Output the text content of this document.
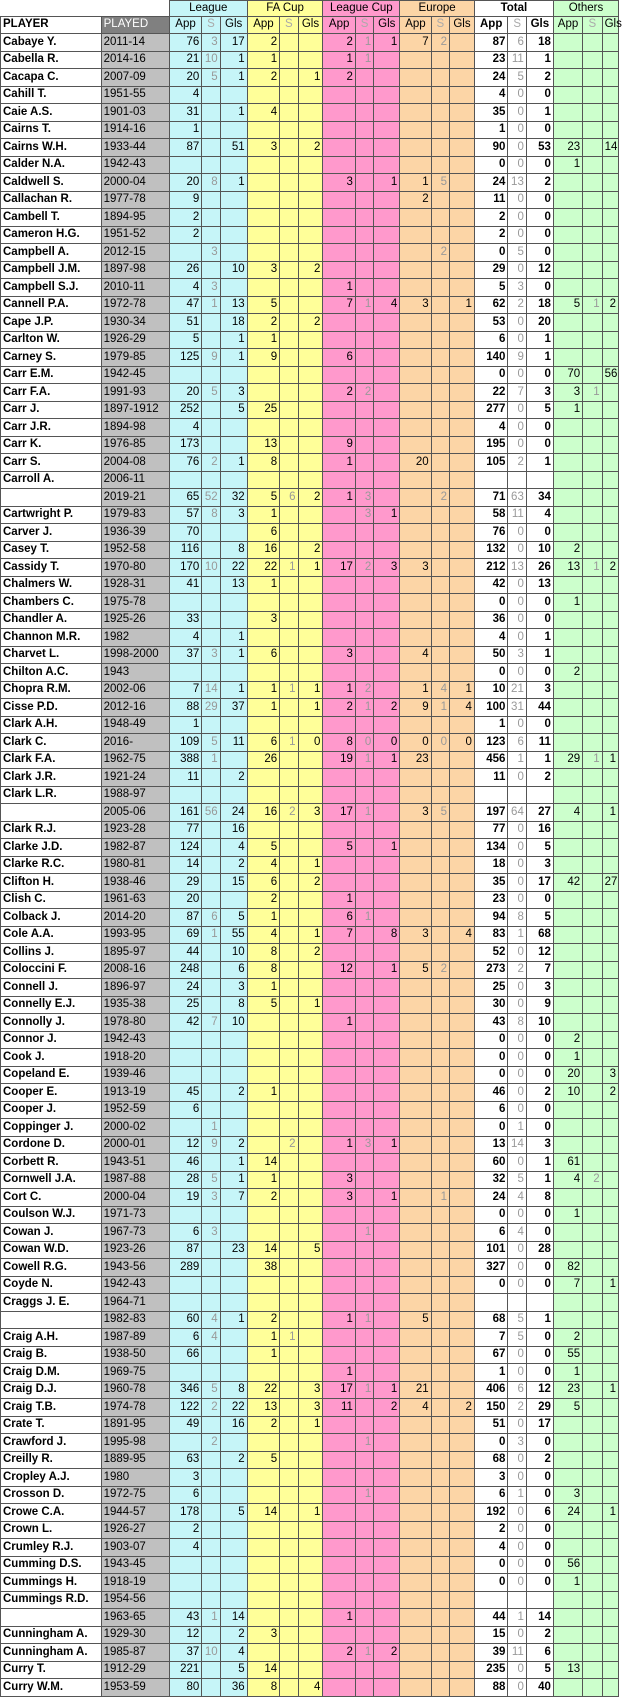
		League			FA Cup			League Cup			Europe			Total			Others		
PLAYER	PLAYED	App	S	Gls	App	S	Gls	App	S	Gls	App	S	Gls	App	S	Gls	App	S	Gls
Cabaye Y.	2011-14	76	3	17	2			2	1	1	7	2		87	6	18			
Cabella R.	2014-16	21	10	1	1			1	1					23	11	1			
Cacapa C.	2007-09	20	5	1	2		1	2						24	5	2			
Cahill T.	1951-55	4												4	0	0			
Caie A.S.	1901-03	31		1	4									35	0	1			
Cairns T.	1914-16	1												1	0	0			
Cairns W.H.	1933-44	87		51	3		2							90	0	53	23		14
Calder N.A.	1942-43													0	0	0	1		
Caldwell S.	2000-04	20	8	1				3		1	1	5		24	13	2			
Callachan R.	1977-78	9									2			11	0	0			
Cambell T.	1894-95	2												2	0	0			
Cameron H.G.	1951-52	2												2	0	0			
Campbell A.	2012-15		3									2		0	5	0			
Campbell J.M.	1897-98	26		10	3		2							29	0	12			
Campbell S.J.	2010-11	4	3					1						5	3	0			
Cannell P.A.	1972-78	47	1	13	5			7	1	4	3		1	62	2	18	5	1	2
Cape J.P.	1930-34	51		18	2		2							53	0	20			
Carlton W.	1926-29	5		1	1									6	0	1			
Carney S.	1979-85	125	9	1	9			6						140	9	1			
Carr E.M.	1942-45													0	0	0	70		56
Carr F.A.	1991-93	20	5	3				2	2					22	7	3	3	1	
Carr J.	1897-1912	252		5	25									277	0	5	1		
Carr J.R.	1894-98	4												4	0	0			
Carr K.	1976-85	173			13			9						195	0	0			
Carr S.	2004-08	76	2	1	8			1			20			105	2	1			
Carroll A.	2006-11																		
	2019-21	65	52	32	5	6	2	1	3			2		71	63	34			
Cartwright P.	1979-83	57	8	3	1				3	1				58	11	4			
Carver J.	1936-39	70			6									76	0	0			
Casey T.	1952-58	116		8	16		2							132	0	10	2		
Cassidy T.	1970-80	170	10	22	22	1	1	17	2	3	3			212	13	26	13	1	2
Chalmers W.	1928-31	41		13	1									42	0	13			
Chambers C.	1975-78													0	0	0	1		
Chandler A.	1925-26	33			3									36	0	0			
Channon M.R.	1982	4		1										4	0	1			
Charvet L.	1998-2000	37	3	1	6			3			4			50	3	1			
Chilton A.C.	1943													0	0	0	2		
Chopra R.M.	2002-06	7	14	1	1	1	1	1	2		1	4	1	10	21	3			
Cisse P.D.	2012-16	88	29	37	1		1	2	1	2	9	1	4	100	31	44			
Clark A.H.	1948-49	1												1	0	0			
Clark C.	2016-	109	5	11	6	1	0	8	0	0	0	0	0	123	6	11			
Clark F.A.	1962-75	388	1		26			19	1	1	23			456	1	1	29	1	1
Clark J.R.	1921-24	11		2										11	0	2			
Clark L.R.	1988-97																		
	2005-06	161	56	24	16	2	3	17	1		3	5		197	64	27	4		1
Clark R.J.	1923-28	77		16										77	0	16			
Clarke J.D.	1982-87	124		4	5			5		1				134	0	5			
Clarke R.C.	1980-81	14		2	4		1							18	0	3			
Clifton H.	1938-46	29		15	6		2							35	0	17	42		27
Clish C.	1961-63	20			2			1						23	0	0			
Colback J.	2014-20	87	6	5	1			6	1					94	8	5			
Cole A.A.	1993-95	69	1	55	4		1	7		8	3		4	83	1	68			
Collins J.	1895-97	44		10	8		2							52	0	12			
Coloccini F.	2008-16	248		6	8			12		1	5	2		273	2	7			
Connell J.	1896-97	24		3	1									25	0	3			
Connelly E.J.	1935-38	25		8	5		1							30	0	9			
Connolly J.	1978-80	42	7	10				1						43	8	10			
Connor J.	1942-43													0	0	0	2		
Cook J.	1918-20													0	0	0	1		
Copeland E.	1939-46													0	0	0	20		3
Cooper E.	1913-19	45		2	1									46	0	2	10		2
Cooper J.	1952-59	6												6	0	0			
Coppinger J.	2000-02		1											0	1	0			
Cordone D.	2000-01	12	9	2		2		1	3	1				13	14	3			
Corbett R.	1943-51	46		1	14									60	0	1	61		
Cornwell J.A.	1987-88	28	5	1	1			3						32	5	1	4	2	
Cort C.	2000-04	19	3	7	2			3		1		1		24	4	8			
Coulson W.J.	1971-73													0	0	0	1		
Cowan J.	1967-73	6	3						1					6	4	0			
Cowan W.D.	1923-26	87		23	14		5							101	0	28			
Cowell R.G.	1943-56	289			38									327	0	0	82		
Coyde N.	1942-43													0	0	0	7		1
Craggs J. E.	1964-71																		
	1982-83	60	4	1	2			1	1		5			68	5	1			
Craig A.H.	1987-89	6	4		1	1								7	5	0	2		
Craig B.	1938-50	66			1									67	0	0	55		
Craig D.M.	1969-75							1						1	0	0	1		
Craig D.J.	1960-78	346	5	8	22		3	17	1	1	21			406	6	12	23		1
Craig T.B.	1974-78	122	2	22	13		3	11		2	4		2	150	2	29	5		
Crate T.	1891-95	49		16	2		1							51	0	17			
Crawford J.	1995-98		2						1					0	3	0			
Creilly R.	1889-95	63		2	5									68	0	2			
Cropley A.J.	1980	3												3	0	0			
Crosson D.	1972-75	6							1					6	1	0	3		
Crowe C.A.	1944-57	178		5	14		1							192	0	6	24		1
Crown L.	1926-27	2												2	0	0			
Crumley R.J.	1903-07	4												4	0	0			
Cumming D.S.	1943-45													0	0	0	56		
Cummings H.	1918-19													0	0	0	1		
Cummings R.D.	1954-56																		
	1963-65	43	1	14				1						44	1	14			
Cunningham A.	1929-30	12		2	3									15	0	2			
Cunningham A.	1985-87	37	10	4				2	1	2				39	11	6			
Curry T.	1912-29	221		5	14									235	0	5	13		
Curry W.M.	1953-59	80		36	8		4							88	0	40			
